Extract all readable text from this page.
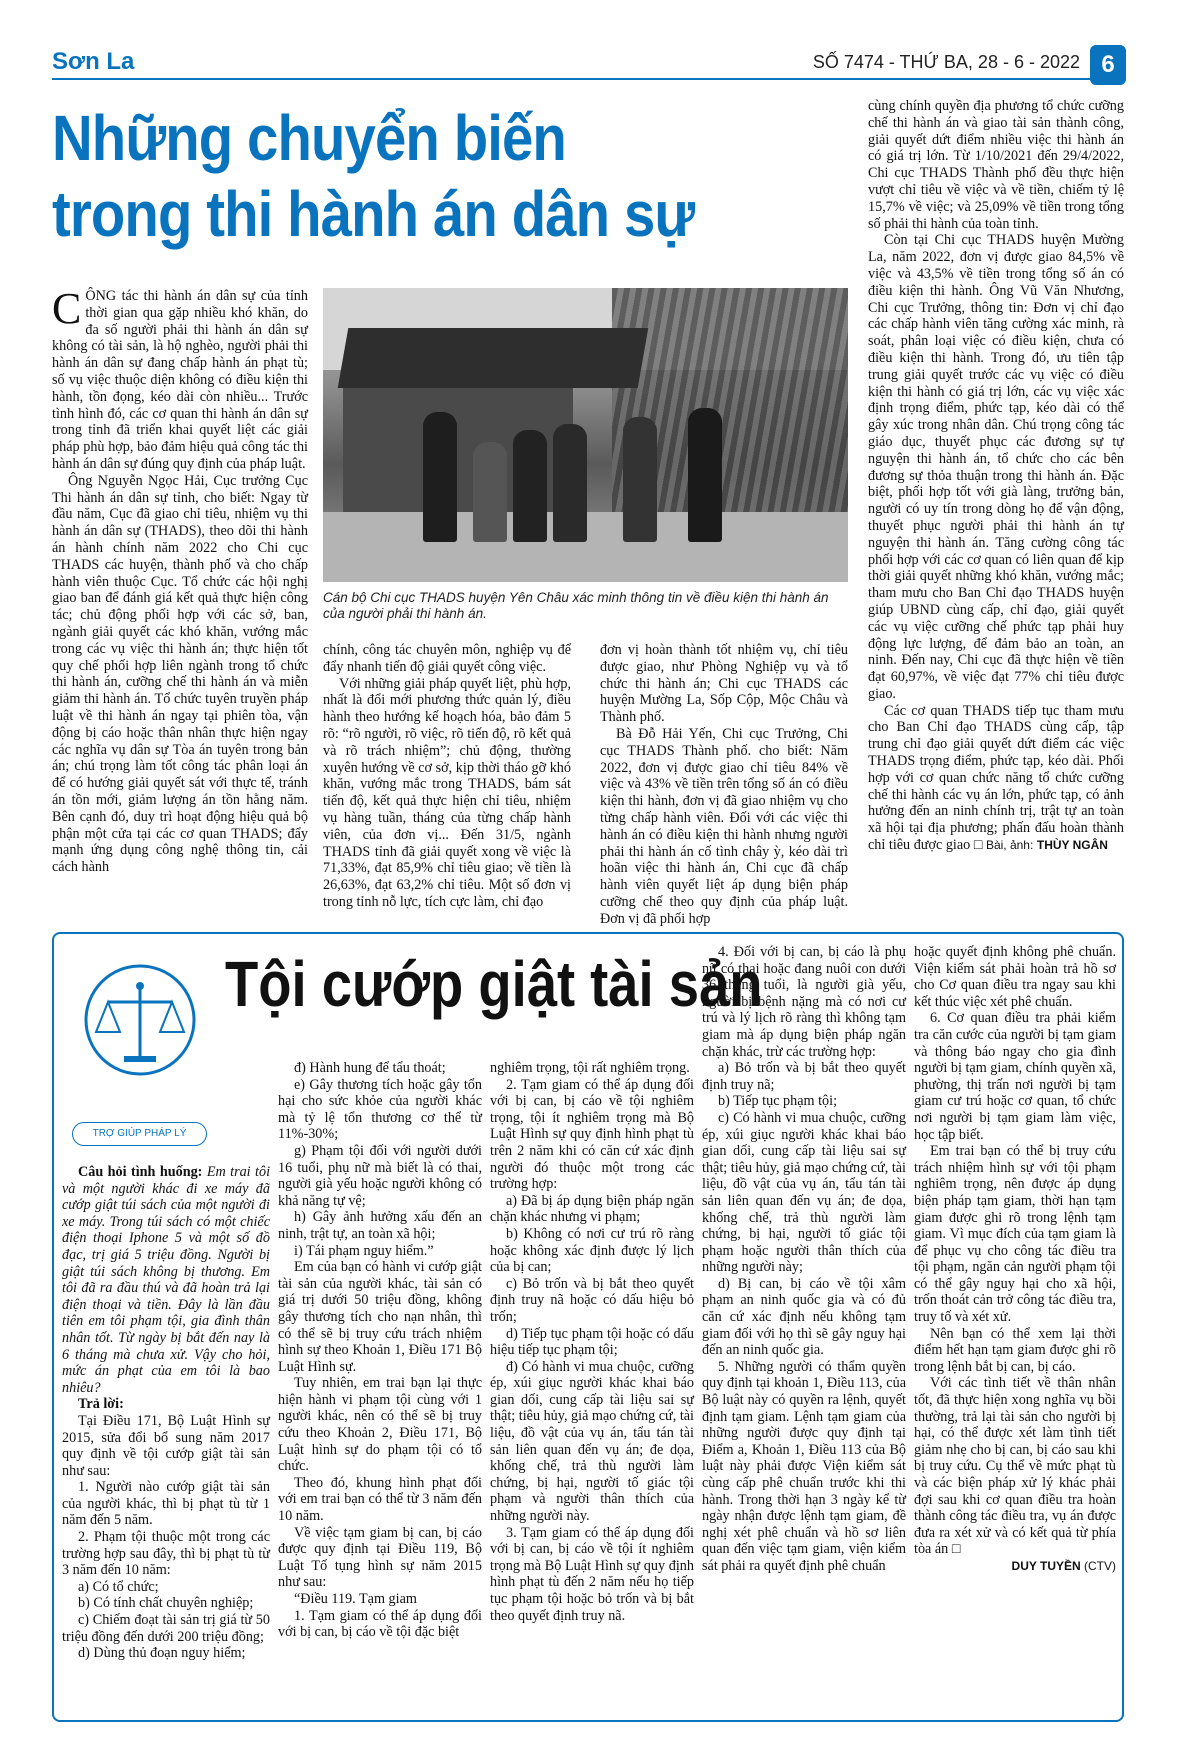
Sơn La	SỐ 7474 - THỨ BA, 28 - 6 - 2022 6
Những chuyển biến
trong thi hành án dân sự

CÔNG tác thi hành án dân sự của tỉnh thời gian qua gặp nhiều khó khăn, do đa số người phải thi hành án dân sự không có tài sản, là hộ nghèo, người phải thi hành án dân sự đang chấp hành án phạt tù; số vụ việc thuộc diện không có điều kiện thi hành, tồn đọng, kéo dài còn nhiều... Trước tình hình đó, các cơ quan thi hành án dân sự trong tỉnh đã triển khai quyết liệt các giải pháp phù hợp, bảo đảm hiệu quả công tác thi hành án dân sự đúng quy định của pháp luật.

Ông Nguyễn Ngọc Hải, Cục trưởng Cục Thi hành án dân sự tỉnh, cho biết: Ngay từ đầu năm, Cục đã giao chỉ tiêu, nhiệm vụ thi hành án dân sự (THADS), theo dõi thi hành án hành chính năm 2022 cho Chi cục THADS các huyện, thành phố và cho chấp hành viên thuộc Cục. Tổ chức các hội nghị giao ban để đánh giá kết quả thực hiện công tác; chủ động phối hợp với các sở, ban, ngành giải quyết các khó khăn, vướng mắc trong các vụ việc thi hành án; thực hiện tốt quy chế phối hợp liên ngành trong tổ chức thi hành án, cưỡng chế thi hành án và miễn giảm thi hành án. Tổ chức tuyên truyền pháp luật về thi hành án ngay tại phiên tòa, vận động bị cáo hoặc thân nhân thực hiện ngay các nghĩa vụ dân sự Tòa án tuyên trong bản án; chú trọng làm tốt công tác phân loại án để có hướng giải quyết sát với thực tế, tránh án tồn mới, giảm lượng án tồn hằng năm. Bên cạnh đó, duy trì hoạt động hiệu quả bộ phận một cửa tại các cơ quan THADS; đẩy mạnh ứng dụng công nghệ thông tin, cải cách hành

Cán bộ Chi cục THADS huyện Yên Châu xác minh thông tin về điều kiện thi hành án của người phải thi hành án.

chính, công tác chuyên môn, nghiệp vụ để đẩy nhanh tiến độ giải quyết công việc.

Với những giải pháp quyết liệt, phù hợp, nhất là đổi mới phương thức quản lý, điều hành theo hướng kế hoạch hóa, bảo đảm 5 rõ: “rõ người, rõ việc, rõ tiến độ, rõ kết quả và rõ trách nhiệm”; chủ động, thường xuyên hướng về cơ sở, kịp thời tháo gỡ khó khăn, vướng mắc trong THADS, bám sát tiến độ, kết quả thực hiện chỉ tiêu, nhiệm vụ hàng tuần, tháng của từng chấp hành viên, của đơn vị... Đến 31/5, ngành THADS tỉnh đã giải quyết xong về việc là 71,33%, đạt 85,9% chỉ tiêu giao; về tiền là 26,63%, đạt 63,2% chỉ tiêu. Một số đơn vị trong tỉnh nỗ lực, tích cực làm, chỉ đạo

đơn vị hoàn thành tốt nhiệm vụ, chỉ tiêu được giao, như Phòng Nghiệp vụ và tổ chức thi hành án; Chi cục THADS các huyện Mường La, Sốp Cộp, Mộc Châu và Thành phố.

Bà Đỗ Hải Yến, Chi cục Trưởng, Chi cục THADS Thành phố. cho biết: Năm 2022, đơn vị được giao chỉ tiêu 84% về việc và 43% về tiền trên tổng số án có điều kiện thi hành, đơn vị đã giao nhiệm vụ cho từng chấp hành viên. Đối với các việc thi hành án có điều kiện thi hành nhưng người phải thi hành án cố tình chây ỳ, kéo dài trì hoãn việc thi hành án, Chi cục đã chấp hành viên quyết liệt áp dụng biện pháp cưỡng chế theo quy định của pháp luật. Đơn vị đã phối hợp

cùng chính quyền địa phương tổ chức cưỡng chế thi hành án và giao tài sản thành công, giải quyết dứt điểm nhiều việc thi hành án có giá trị lớn. Từ 1/10/2021 đến 29/4/2022, Chi cục THADS Thành phố đều thực hiện vượt chỉ tiêu về việc và về tiền, chiếm tỷ lệ 15,7% về việc; và 25,09% về tiền trong tổng số phải thi hành của toàn tỉnh.

Còn tại Chi cục THADS huyện Mường La, năm 2022, đơn vị được giao 84,5% về việc và 43,5% về tiền trong tổng số án có điều kiện thi hành. Ông Vũ Văn Nhương, Chi cục Trưởng, thông tin: Đơn vị chỉ đạo các chấp hành viên tăng cường xác minh, rà soát, phân loại việc có điều kiện, chưa có điều kiện thi hành. Trong đó, ưu tiên tập trung giải quyết trước các vụ việc có điều kiện thi hành có giá trị lớn, các vụ việc xác định trọng điểm, phức tạp, kéo dài có thể gây xúc trong nhân dân. Chú trọng công tác giáo dục, thuyết phục các đương sự tự nguyện thi hành án, tổ chức cho các bên đương sự thỏa thuận trong thi hành án. Đặc biệt, phối hợp tốt với già làng, trưởng bản, người có uy tín trong dòng họ để vận động, thuyết phục người phải thi hành án tự nguyện thi hành án. Tăng cường công tác phối hợp với các cơ quan có liên quan để kịp thời giải quyết những khó khăn, vướng mắc; tham mưu cho Ban Chỉ đạo THADS huyện giúp UBND cùng cấp, chỉ đạo, giải quyết các vụ việc cưỡng chế phức tạp phải huy động lực lượng, để đảm bảo an toàn, an ninh. Đến nay, Chi cục đã thực hiện về tiền đạt 60,97%, về việc đạt 77% chỉ tiêu được giao.

Các cơ quan THADS tiếp tục tham mưu cho Ban Chỉ đạo THADS cùng cấp, tập trung chỉ đạo giải quyết dứt điểm các việc THADS trọng điểm, phức tạp, kéo dài. Phối hợp với cơ quan chức năng tổ chức cưỡng chế thi hành các vụ án lớn, phức tạp, có ảnh hưởng đến an ninh chính trị, trật tự an toàn xã hội tại địa phương; phấn đấu hoàn thành chỉ tiêu được giao □ Bài, ảnh: THÙY NGÂN

TRỢ GIÚP PHÁP LÝ
Tội cướp giật tài sản

Câu hỏi tình huống: Em trai tôi và một người khác đi xe máy đã cướp giật túi sách của một người đi xe máy. Trong túi sách có một chiếc điện thoại Iphone 5 và một số đồ đạc, trị giá 5 triệu đồng. Người bị giật túi sách không bị thương. Em tôi đã ra đầu thú và đã hoàn trả lại điện thoại và tiền. Đây là lần đầu tiên em tôi phạm tội, gia đình thân nhân tốt. Từ ngày bị bắt đến nay là 6 tháng mà chưa xử. Vậy cho hỏi, mức án phạt của em tôi là bao nhiêu?

Trả lời:

Tại Điều 171, Bộ Luật Hình sự 2015, sửa đổi bổ sung năm 2017 quy định về tội cướp giật tài sản như sau:

1. Người nào cướp giật tài sản của người khác, thì bị phạt tù từ 1 năm đến 5 năm.

2. Phạm tội thuộc một trong các trường hợp sau đây, thì bị phạt tù từ 3 năm đến 10 năm:

a) Có tổ chức;

b) Có tính chất chuyên nghiệp;

c) Chiếm đoạt tài sản trị giá từ 50 triệu đồng đến dưới 200 triệu đồng;

d) Dùng thủ đoạn nguy hiểm;

đ) Hành hung để tẩu thoát;

e) Gây thương tích hoặc gây tổn hại cho sức khỏe của người khác mà tỷ lệ tổn thương cơ thể từ 11%-30%;

g) Phạm tội đối với người dưới 16 tuổi, phụ nữ mà biết là có thai, người già yếu hoặc người không có khả năng tự vệ;

h) Gây ảnh hưởng xấu đến an ninh, trật tự, an toàn xã hội;

i) Tái phạm nguy hiểm.”

Em của bạn có hành vi cướp giật tài sản của người khác, tài sản có giá trị dưới 50 triệu đồng, không gây thương tích cho nạn nhân, thì có thể sẽ bị truy cứu trách nhiệm hình sự theo Khoản 1, Điều 171 Bộ Luật Hình sự.

Tuy nhiên, em trai bạn lại thực hiện hành vi phạm tội cùng với 1 người khác, nên có thể sẽ bị truy cứu theo Khoản 2, Điều 171, Bộ Luật hình sự do phạm tội có tổ chức.

Theo đó, khung hình phạt đối với em trai bạn có thể từ 3 năm đến 10 năm.

Về việc tạm giam bị can, bị cáo được quy định tại Điều 119, Bộ Luật Tố tụng hình sự năm 2015 như sau:

“Điều 119. Tạm giam

1. Tạm giam có thể áp dụng đối với bị can, bị cáo về tội đặc biệt

nghiêm trọng, tội rất nghiêm trọng.

2. Tạm giam có thể áp dụng đối với bị can, bị cáo về tội nghiêm trọng, tội ít nghiêm trọng mà Bộ Luật Hình sự quy định hình phạt tù trên 2 năm khi có căn cứ xác định người đó thuộc một trong các trường hợp:

a) Đã bị áp dụng biện pháp ngăn chặn khác nhưng vi phạm;

b) Không có nơi cư trú rõ ràng hoặc không xác định được lý lịch của bị can;

c) Bỏ trốn và bị bắt theo quyết định truy nã hoặc có dấu hiệu bỏ trốn;

d) Tiếp tục phạm tội hoặc có dấu hiệu tiếp tục phạm tội;

đ) Có hành vi mua chuộc, cưỡng ép, xúi giục người khác khai báo gian dối, cung cấp tài liệu sai sự thật; tiêu hủy, giả mạo chứng cứ, tài liệu, đồ vật của vụ án, tẩu tán tài sản liên quan đến vụ án; đe dọa, khống chế, trả thù người làm chứng, bị hại, người tố giác tội phạm và người thân thích của những người này.

3. Tạm giam có thể áp dụng đối với bị can, bị cáo về tội ít nghiêm trọng mà Bộ Luật Hình sự quy định hình phạt tù đến 2 năm nếu họ tiếp tục phạm tội hoặc bỏ trốn và bị bắt theo quyết định truy nã.

4. Đối với bị can, bị cáo là phụ nữ có thai hoặc đang nuôi con dưới 36 tháng tuổi, là người già yếu, người bị bệnh nặng mà có nơi cư trú và lý lịch rõ ràng thì không tạm giam mà áp dụng biện pháp ngăn chặn khác, trừ các trường hợp:

a) Bỏ trốn và bị bắt theo quyết định truy nã;

b) Tiếp tục phạm tội;

c) Có hành vi mua chuộc, cưỡng ép, xúi giục người khác khai báo gian dối, cung cấp tài liệu sai sự thật; tiêu hủy, giả mạo chứng cứ, tài liệu, đồ vật của vụ án, tẩu tán tài sản liên quan đến vụ án; đe dọa, khống chế, trả thù người làm chứng, bị hại, người tố giác tội phạm hoặc người thân thích của những người này;

d) Bị can, bị cáo về tội xâm phạm an ninh quốc gia và có đủ căn cứ xác định nếu không tạm giam đối với họ thì sẽ gây nguy hại đến an ninh quốc gia.

5. Những người có thẩm quyền quy định tại khoản 1, Điều 113, của Bộ luật này có quyền ra lệnh, quyết định tạm giam. Lệnh tạm giam của những người được quy định tại Điểm a, Khoản 1, Điều 113 của Bộ luật này phải được Viện kiểm sát cùng cấp phê chuẩn trước khi thi hành. Trong thời hạn 3 ngày kể từ ngày nhận được lệnh tạm giam, đề nghị xét phê chuẩn và hồ sơ liên quan đến việc tạm giam, viện kiểm sát phải ra quyết định phê chuẩn

hoặc quyết định không phê chuẩn. Viện kiểm sát phải hoàn trả hồ sơ cho Cơ quan điều tra ngay sau khi kết thúc việc xét phê chuẩn.

6. Cơ quan điều tra phải kiểm tra căn cước của người bị tạm giam và thông báo ngay cho gia đình người bị tạm giam, chính quyền xã, phường, thị trấn nơi người bị tạm giam cư trú hoặc cơ quan, tổ chức nơi người bị tạm giam làm việc, học tập biết.

Em trai bạn có thể bị truy cứu trách nhiệm hình sự với tội phạm nghiêm trọng, nên được áp dụng biện pháp tạm giam, thời hạn tạm giam được ghi rõ trong lệnh tạm giam. Vì mục đích của tạm giam là để phục vụ cho công tác điều tra tội phạm, ngăn cản người phạm tội có thể gây nguy hại cho xã hội, trốn thoát cản trở công tác điều tra, truy tố và xét xử.

Nên bạn có thể xem lại thời điểm hết hạn tạm giam được ghi rõ trong lệnh bắt bị can, bị cáo.

Với các tình tiết về thân nhân tốt, đã thực hiện xong nghĩa vụ bồi thường, trả lại tài sản cho người bị hại, có thể được xét làm tình tiết giảm nhẹ cho bị can, bị cáo sau khi bị truy cứu. Cụ thể về mức phạt tù và các biện pháp xử lý khác phải đợi sau khi cơ quan điều tra hoàn thành công tác điều tra, vụ án được đưa ra xét xử và có kết quả từ phía tòa án □

DUY TUYỀN (CTV)
